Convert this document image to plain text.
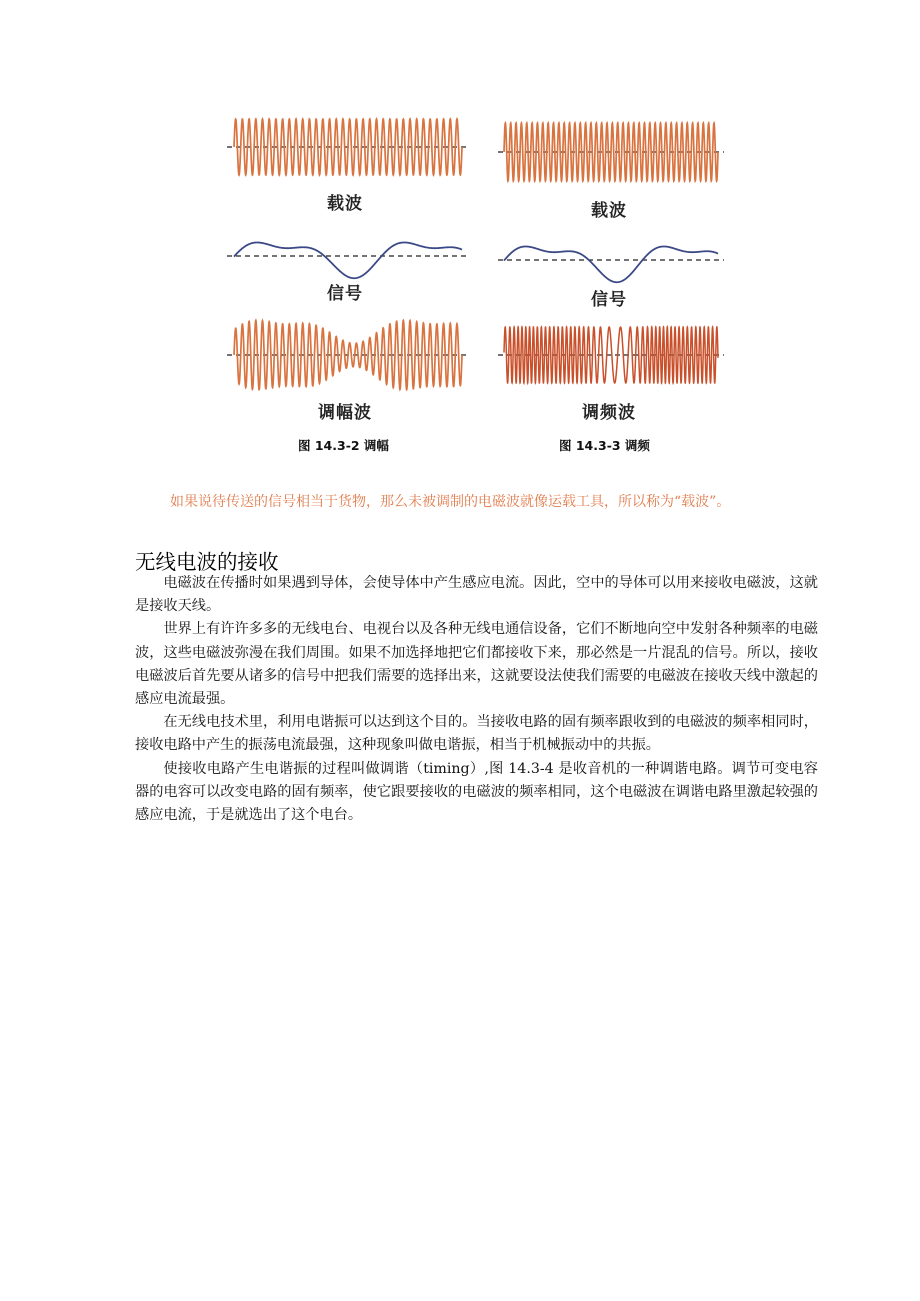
载波
信号
调幅波
图 14.3-2 调幅
载波
信号
调频波
图 14.3-3 调频
如果说待传送的信号相当于货物，那么未被调制的电磁波就像运载工具，所以称为“载波”。
无线电波的接收

电磁波在传播时如果遇到导体，会使导体中产生感应电流。因此，空中的导体可以用来接收电磁波，这就是接收天线。

世界上有许许多多的无线电台、电视台以及各种无线电通信设备，它们不断地向空中发射各种频率的电磁波，这些电磁波弥漫在我们周围。如果不加选择地把它们都接收下来，那必然是一片混乱的信号。所以，接收电磁波后首先要从诸多的信号中把我们需要的选择出来，这就要设法使我们需要的电磁波在接收天线中激起的感应电流最强。

在无线电技术里，利用电谐振可以达到这个目的。当接收电路的固有频率跟收到的电磁波的频率相同时，接收电路中产生的振荡电流最强，这种现象叫做电谐振，相当于机械振动中的共振。

使接收电路产生电谐振的过程叫做调谐（timing）,图 14.3-4 是收音机的一种调谐电路。调节可变电容器的电容可以改变电路的固有频率，使它跟要接收的电磁波的频率相同，这个电磁波在调谐电路里激起较强的感应电流，于是就选出了这个电台。
